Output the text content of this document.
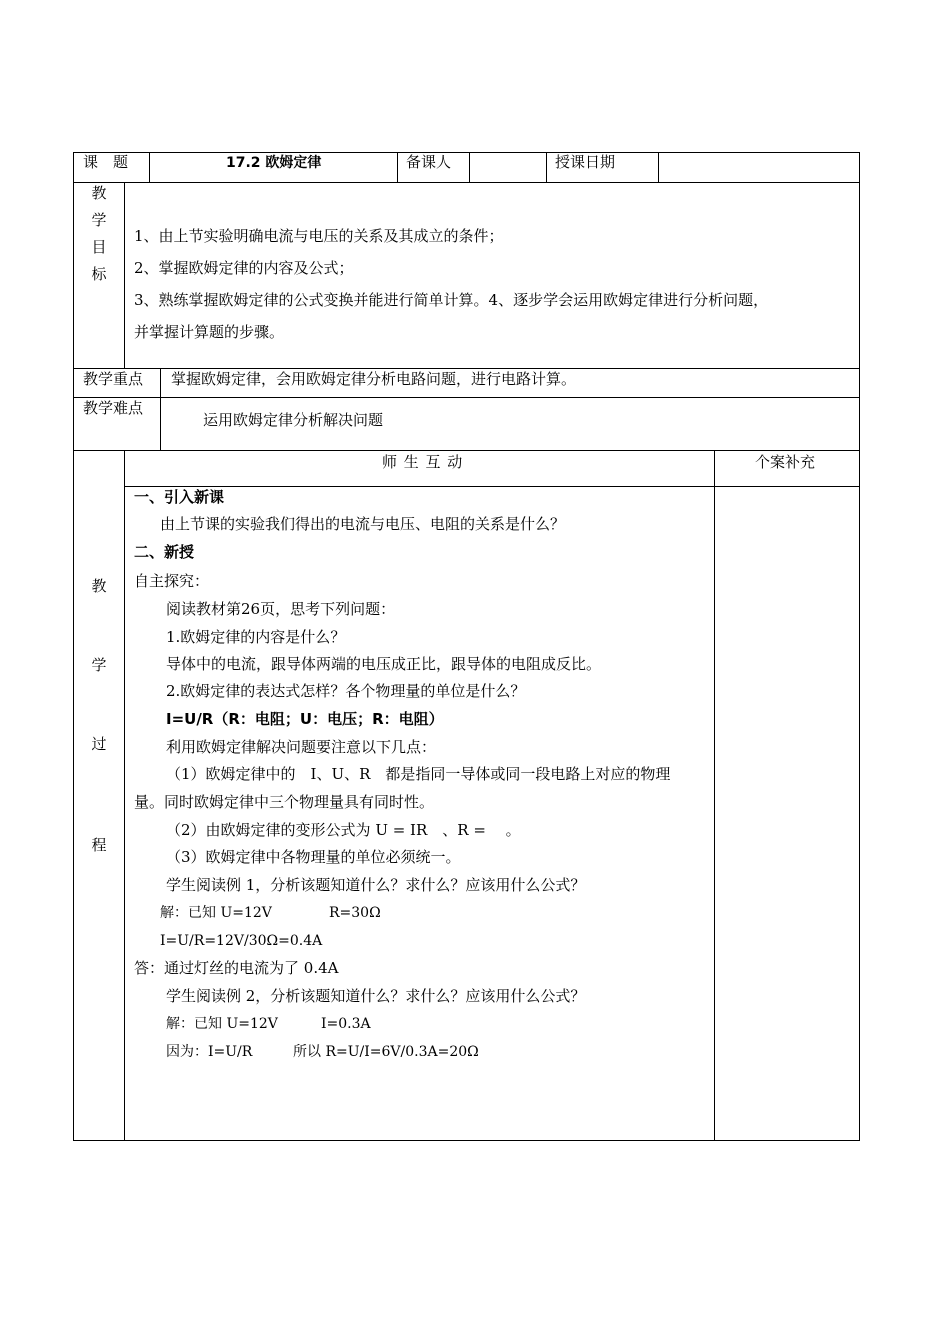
课　题	17.2 欧姆定律	备课人	授课日期
教
学
目
标
1、由上节实验明确电流与电压的关系及其成立的条件；
2、掌握欧姆定律的内容及公式；
3、熟练掌握欧姆定律的公式变换并能进行简单计算。4、逐步学会运用欧姆定律进行分析问题，
并掌握计算题的步骤。
教学重点 掌握欧姆定律，会用欧姆定律分析电路问题，进行电路计算。
教学难点
运用欧姆定律分析解决问题
教
学
过
程
师 生 互 动	个案补充
一、引入新课
由上节课的实验我们得出的电流与电压、电阻的关系是什么？
二、新授
自主探究：
阅读教材第26页，思考下列问题：
1.欧姆定律的内容是什么？
导体中的电流，跟导体两端的电压成正比，跟导体的电阻成反比。
2.欧姆定律的表达式怎样？各个物理量的单位是什么？
I=U/R（R：电阻；U：电压；R：电阻）
利用欧姆定律解决问题要注意以下几点：
（1）欧姆定律中的　I、U、R　都是指同一导体或同一段电路上对应的物理
量。同时欧姆定律中三个物理量具有同时性。
（2）由欧姆定律的变形公式为 U = IR　、R = 　。
（3）欧姆定律中各物理量的单位必须统一。
学生阅读例 1，分析该题知道什么？求什么？应该用什么公式？
解：已知 U=12V	R=30Ω
I=U/R=12V/30Ω=0.4A
答：通过灯丝的电流为了 0.4A
学生阅读例 2，分析该题知道什么？求什么？应该用什么公式？
解：已知 U=12V	I=0.3A
因为：I=U/R	所以 R=U/I=6V/0.3A=20Ω
